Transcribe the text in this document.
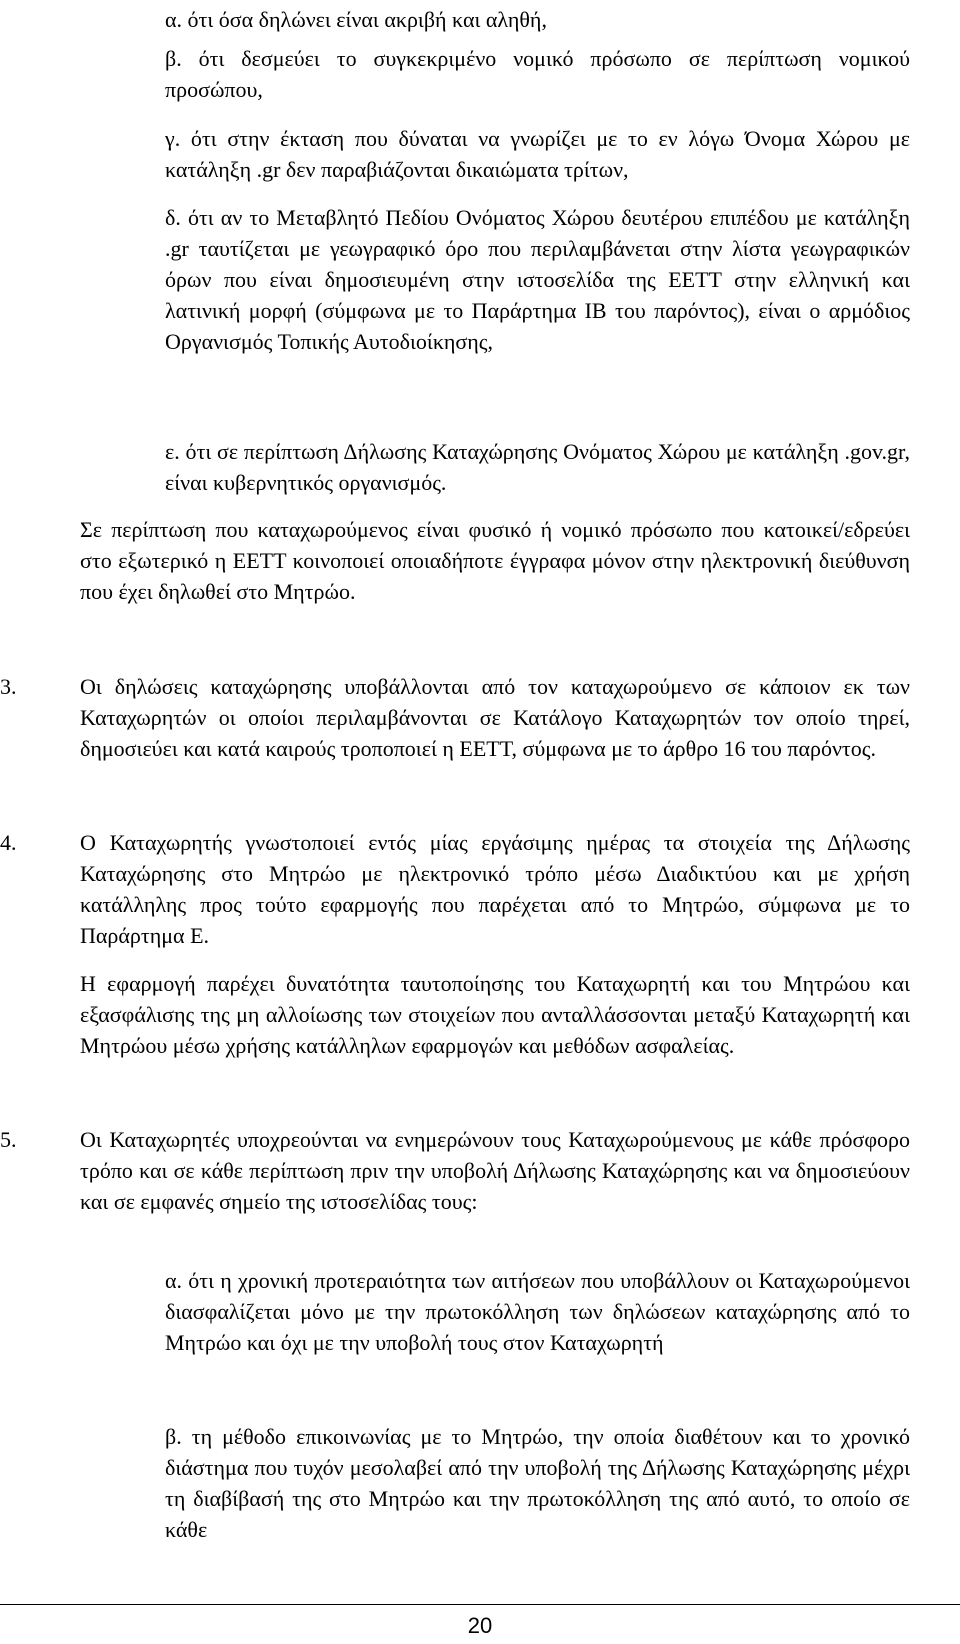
α. ότι όσα δηλώνει είναι ακριβή και αληθή,

β. ότι δεσμεύει το συγκεκριμένο νομικό πρόσωπο σε περίπτωση νομικού προσώπου,

γ. ότι στην έκταση που δύναται να γνωρίζει με το εν λόγω Όνομα Χώρου με κατάληξη .gr δεν παραβιάζονται δικαιώματα τρίτων,

δ. ότι αν το Μεταβλητό Πεδίου Ονόματος Χώρου δευτέρου επιπέδου με κατάληξη .gr ταυτίζεται με γεωγραφικό όρο που περιλαμβάνεται στην λίστα γεωγραφικών όρων που είναι δημοσιευμένη στην ιστοσελίδα της ΕΕΤΤ στην ελληνική και λατινική μορφή (σύμφωνα με το Παράρτημα ΙΒ του παρόντος), είναι ο αρμόδιος Οργανισμός Τοπικής Αυτοδιοίκησης,

ε. ότι σε περίπτωση Δήλωσης Καταχώρησης Ονόματος Χώρου με κατάληξη .gov.gr, είναι κυβερνητικός οργανισμός.

Σε περίπτωση που καταχωρούμενος είναι φυσικό ή νομικό πρόσωπο που κατοικεί/εδρεύει στο εξωτερικό η ΕΕΤΤ κοινοποιεί οποιαδήποτε έγγραφα μόνον στην ηλεκτρονική διεύθυνση που έχει δηλωθεί στο Μητρώο.

3.	Οι δηλώσεις καταχώρησης υποβάλλονται από τον καταχωρούμενο σε κάποιον εκ των Καταχωρητών οι οποίοι περιλαμβάνονται σε Κατάλογο Καταχωρητών τον οποίο τηρεί, δημοσιεύει και κατά καιρούς τροποποιεί η ΕΕΤΤ, σύμφωνα με το άρθρο 16 του παρόντος.

4.	Ο Καταχωρητής γνωστοποιεί εντός μίας εργάσιμης ημέρας τα στοιχεία της Δήλωσης Καταχώρησης στο Μητρώο με ηλεκτρονικό τρόπο μέσω Διαδικτύου και με χρήση κατάλληλης προς τούτο εφαρμογής που παρέχεται από το Μητρώο, σύμφωνα με το Παράρτημα Ε.

Η εφαρμογή παρέχει δυνατότητα ταυτοποίησης του Καταχωρητή και του Μητρώου και εξασφάλισης της μη αλλοίωσης των στοιχείων που ανταλλάσσονται μεταξύ Καταχωρητή και Μητρώου μέσω χρήσης κατάλληλων εφαρμογών και μεθόδων ασφαλείας.

5.	Οι Καταχωρητές υποχρεούνται να ενημερώνουν τους Καταχωρούμενους με κάθε πρόσφορο τρόπο και σε κάθε περίπτωση πριν την υποβολή Δήλωσης Καταχώρησης και να δημοσιεύουν και σε εμφανές σημείο της ιστοσελίδας τους:

α. ότι η χρονική προτεραιότητα των αιτήσεων που υποβάλλουν οι Καταχωρούμενοι διασφαλίζεται μόνο με την πρωτοκόλληση των δηλώσεων καταχώρησης από το Μητρώο και όχι με την υποβολή τους στον Καταχωρητή

β. τη μέθοδο επικοινωνίας με το Μητρώο, την οποία διαθέτουν και το χρονικό διάστημα που τυχόν μεσολαβεί από την υποβολή της Δήλωσης Καταχώρησης μέχρι τη διαβίβασή της στο Μητρώο και την πρωτοκόλληση της από αυτό, το οποίο σε κάθε

20
